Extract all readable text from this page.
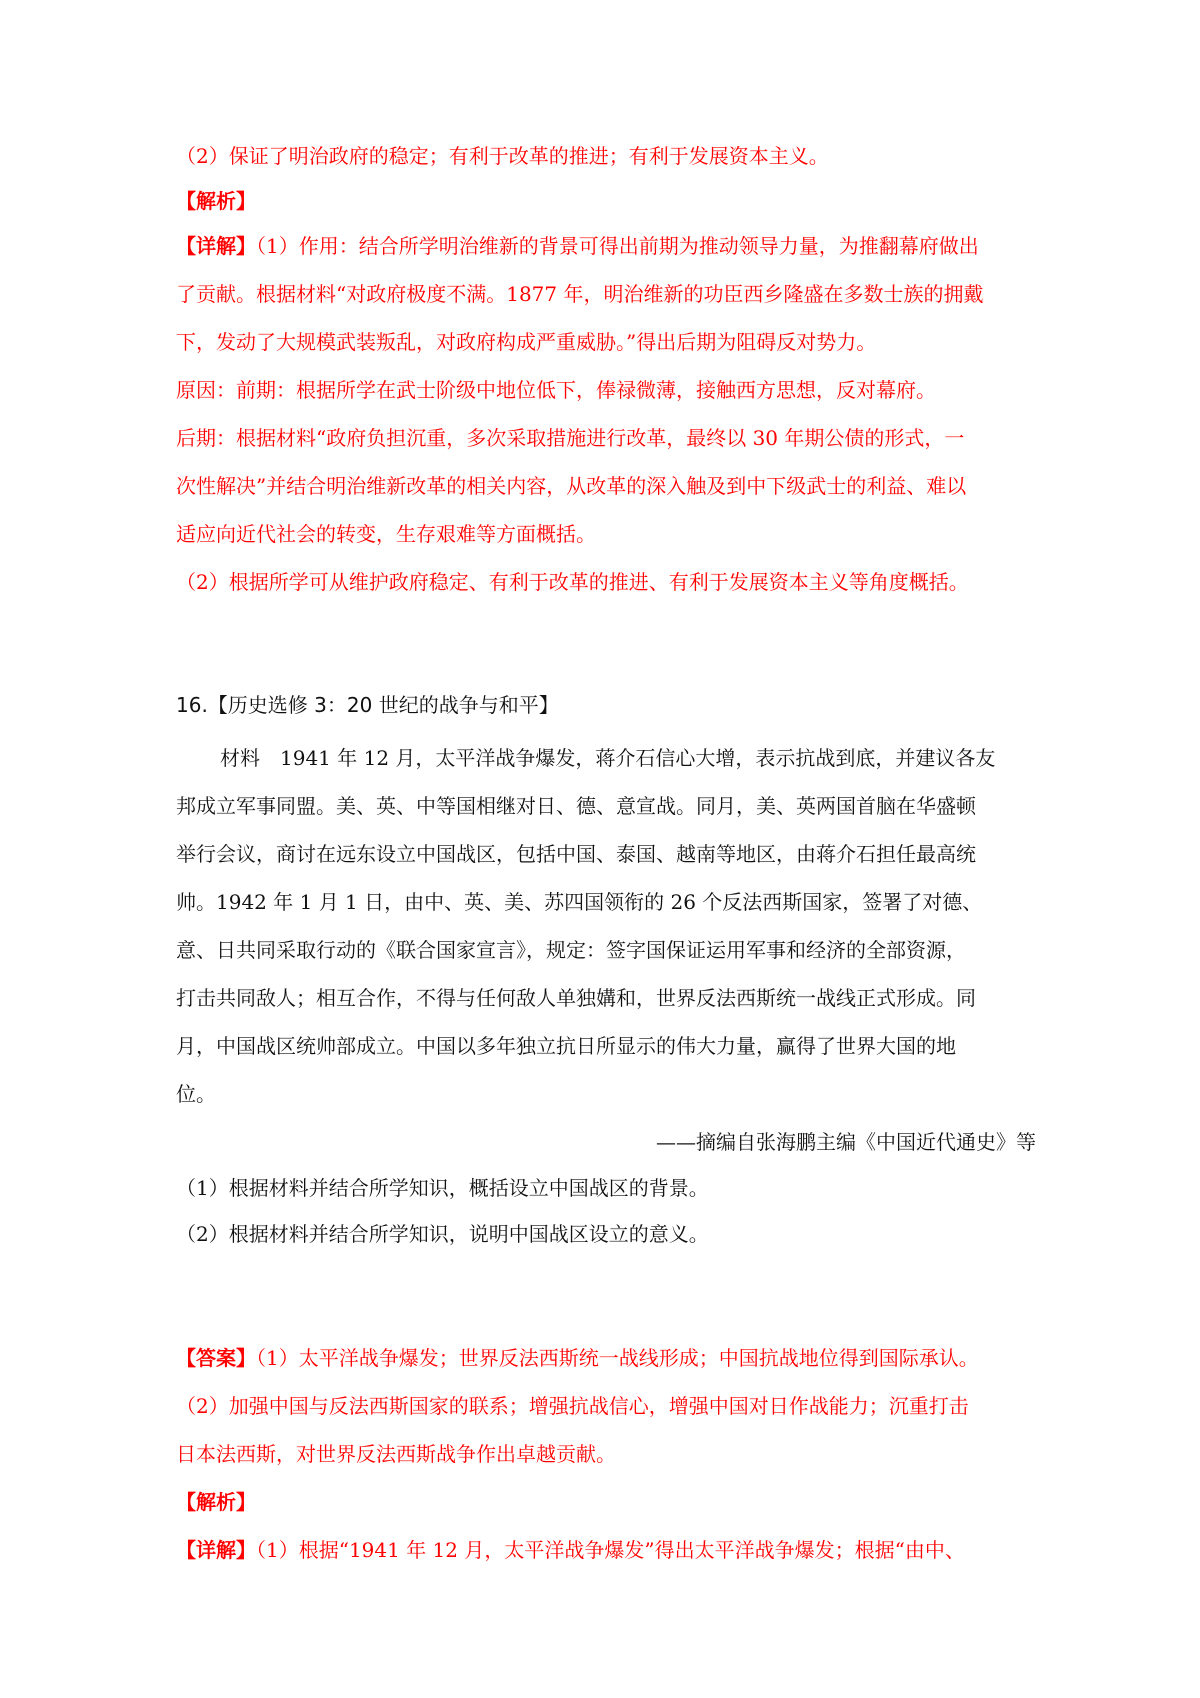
（2）保证了明治政府的稳定；有利于改革的推进；有利于发展资本主义。
【解析】
【详解】（1）作用：结合所学明治维新的背景可得出前期为推动领导力量，为推翻幕府做出
了贡献。根据材料“对政府极度不满。1877 年，明治维新的功臣西乡隆盛在多数士族的拥戴
下，发动了大规模武装叛乱，对政府构成严重威胁。”得出后期为阻碍反对势力。
原因：前期：根据所学在武士阶级中地位低下，俸禄微薄，接触西方思想，反对幕府。
后期：根据材料“政府负担沉重，多次采取措施进行改革，最终以 30 年期公债的形式，一
次性解决”并结合明治维新改革的相关内容，从改革的深入触及到中下级武士的利益、难以
适应向近代社会的转变，生存艰难等方面概括。
（2）根据所学可从维护政府稳定、有利于改革的推进、有利于发展资本主义等角度概括。
16.【历史选修 3：20 世纪的战争与和平】
材料　1941 年 12 月，太平洋战争爆发，蒋介石信心大增，表示抗战到底，并建议各友
邦成立军事同盟。美、英、中等国相继对日、德、意宣战。同月，美、英两国首脑在华盛顿
举行会议，商讨在远东设立中国战区，包括中国、泰国、越南等地区，由蒋介石担任最高统
帅。1942 年 1 月 1 日，由中、英、美、苏四国领衔的 26 个反法西斯国家，签署了对德、
意、日共同采取行动的《联合国家宣言》，规定：签字国保证运用军事和经济的全部资源，
打击共同敌人；相互合作，不得与任何敌人单独媾和，世界反法西斯统一战线正式形成。同
月，中国战区统帅部成立。中国以多年独立抗日所显示的伟大力量，赢得了世界大国的地
位。
——摘编自张海鹏主编《中国近代通史》等
（1）根据材料并结合所学知识，概括设立中国战区的背景。
（2）根据材料并结合所学知识，说明中国战区设立的意义。
【答案】（1）太平洋战争爆发；世界反法西斯统一战线形成；中国抗战地位得到国际承认。
（2）加强中国与反法西斯国家的联系；增强抗战信心，增强中国对日作战能力；沉重打击
日本法西斯，对世界反法西斯战争作出卓越贡献。
【解析】
【详解】（1）根据“1941 年 12 月，太平洋战争爆发”得出太平洋战争爆发；根据“由中、
